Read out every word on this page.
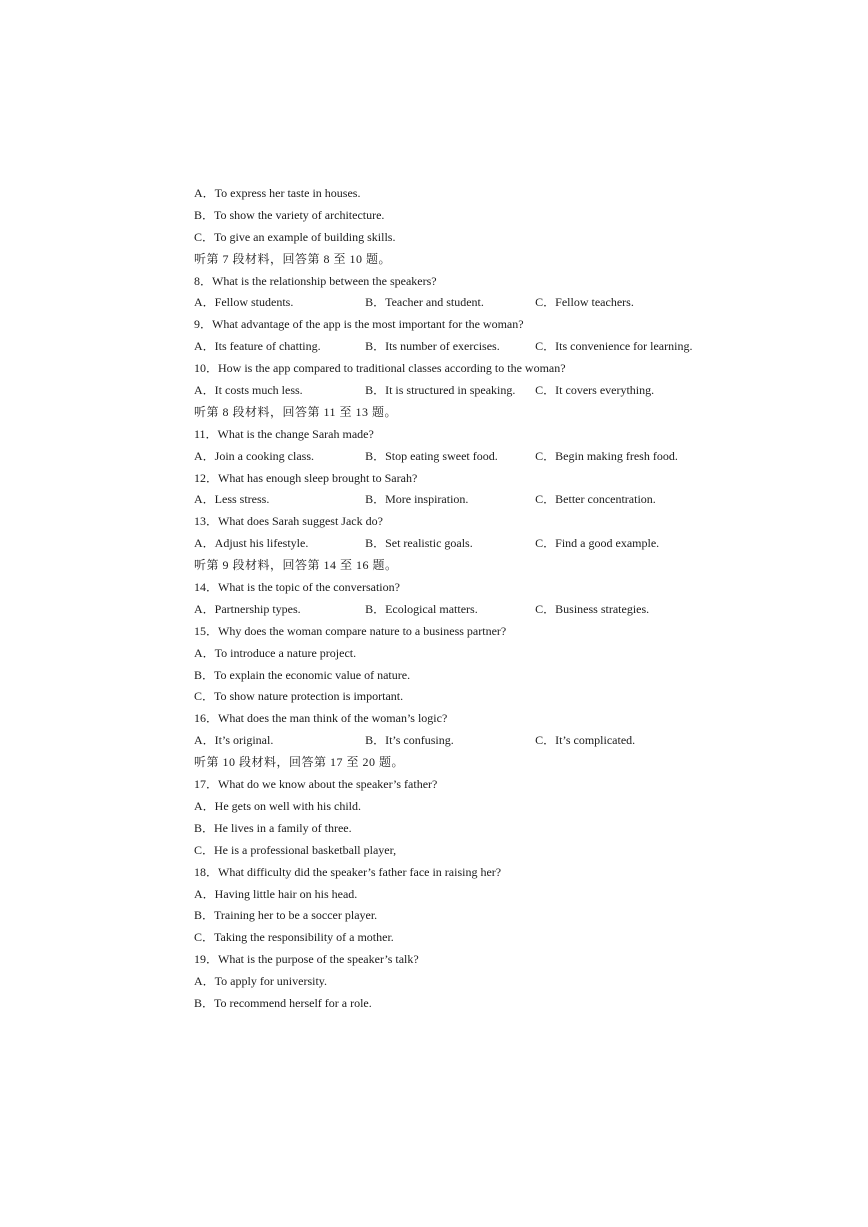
A．To express her taste in houses.
B．To show the variety of architecture.
C．To give an example of building skills.
听第 7 段材料，回答第 8 至 10 题。
8．What is the relationship between the speakers?
A．Fellow students.	B．Teacher and student.	C．Fellow teachers.
9．What advantage of the app is the most important for the woman?
A．Its feature of chatting.	B．Its number of exercises.	C．Its convenience for learning.
10．How is the app compared to traditional classes according to the woman?
A．It costs much less.	B．It is structured in speaking.	C．It covers everything.
听第 8 段材料，回答第 11 至 13 题。
11．What is the change Sarah made?
A．Join a cooking class.	B．Stop eating sweet food.	C．Begin making fresh food.
12．What has enough sleep brought to Sarah?
A．Less stress.	B．More inspiration.	C．Better concentration.
13．What does Sarah suggest Jack do?
A．Adjust his lifestyle.	B．Set realistic goals.	C．Find a good example.
听第 9 段材料，回答第 14 至 16 题。
14．What is the topic of the conversation?
A．Partnership types.	B．Ecological matters.	C．Business strategies.
15．Why does the woman compare nature to a business partner?
A．To introduce a nature project.
B．To explain the economic value of nature.
C．To show nature protection is important.
16．What does the man think of the woman’s logic?
A．It’s original.	B．It’s confusing.	C．It’s complicated.
听第 10 段材料，回答第 17 至 20 题。
17．What do we know about the speaker’s father?
A．He gets on well with his child.
B．He lives in a family of three.
C．He is a professional basketball player,
18．What difficulty did the speaker’s father face in raising her?
A．Having little hair on his head.
B．Training her to be a soccer player.
C．Taking the responsibility of a mother.
19．What is the purpose of the speaker’s talk?
A．To apply for university.
B．To recommend herself for a role.
